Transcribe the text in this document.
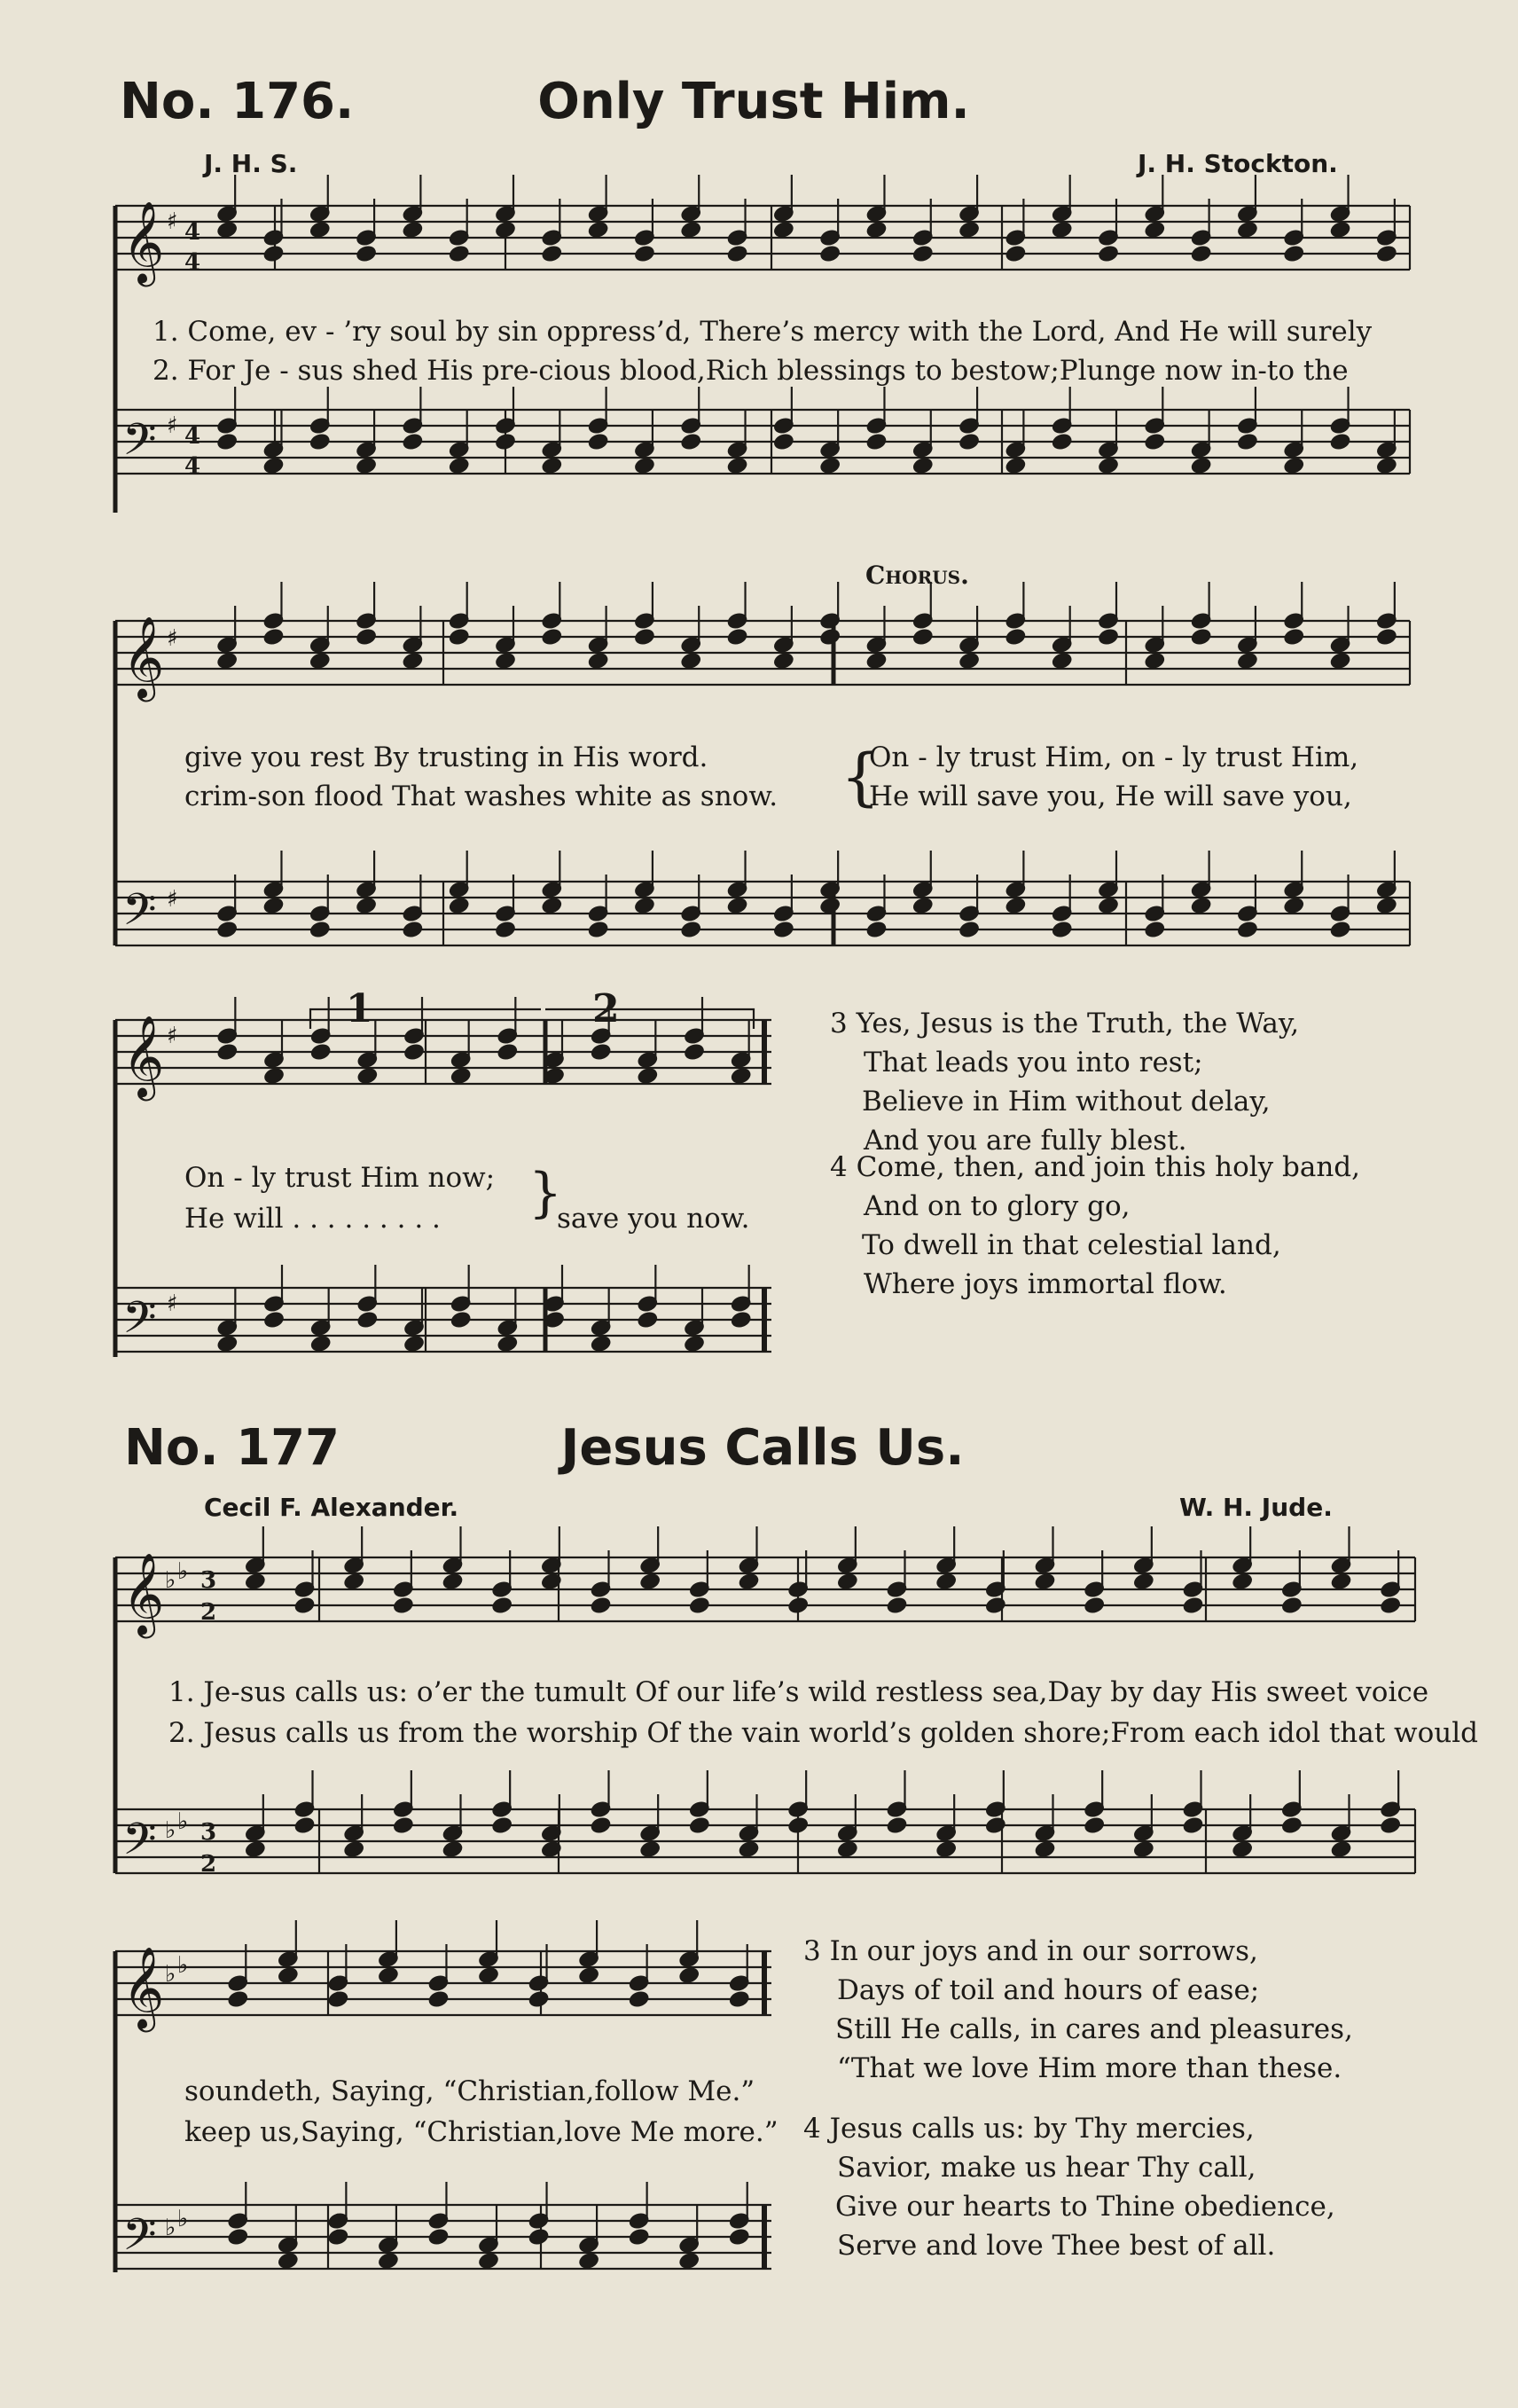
No. 176.	Only Trust Him.
J. H. S.	J. H. Stockton.
𝄞
𝄢
𝄞
𝄢
𝄞
𝄢
𝄞
𝄢
𝄞
𝄢
♯
♯
♯
♯
♯
♯
♭ ♭
♭ ♭
♭ ♭
♭ ♭
4
4
4
4
3
2
3
2
1. Come, ev - ’ry soul by sin oppress’d, There’s mercy with the Lord, And He will surely
2. For Je - sus shed His pre-cious blood,Rich blessings to bestow;Plunge now in-to the
Chorus.
give you rest By trusting in His word.
crim-son flood That washes white as snow. {
On - ly trust Him, on - ly trust Him,
He will save you, He will save you,
1	2
On - ly trust Him now;
He will . . . . . . . . . }
save you now.
3 Yes, Jesus is the Truth, the Way,
That leads you into rest;
Believe in Him without delay,
And you are fully blest.
4 Come, then, and join this holy band,
And on to glory go,
To dwell in that celestial land,
Where joys immortal flow.
No. 177	Jesus Calls Us.
Cecil F. Alexander.	W. H. Jude.
1. Je-sus calls us: o’er the tumult Of our life’s wild restless sea,Day by day His sweet voice
2. Jesus calls us from the worship Of the vain world’s golden shore;From each idol that would
soundeth, Saying, “Christian,follow Me.”
keep us,Saying, “Christian,love Me more.”
3 In our joys and in our sorrows,
Days of toil and hours of ease;
Still He calls, in cares and pleasures,
“That we love Him more than these.
4 Jesus calls us: by Thy mercies,
Savior, make us hear Thy call,
Give our hearts to Thine obedience,
Serve and love Thee best of all.
